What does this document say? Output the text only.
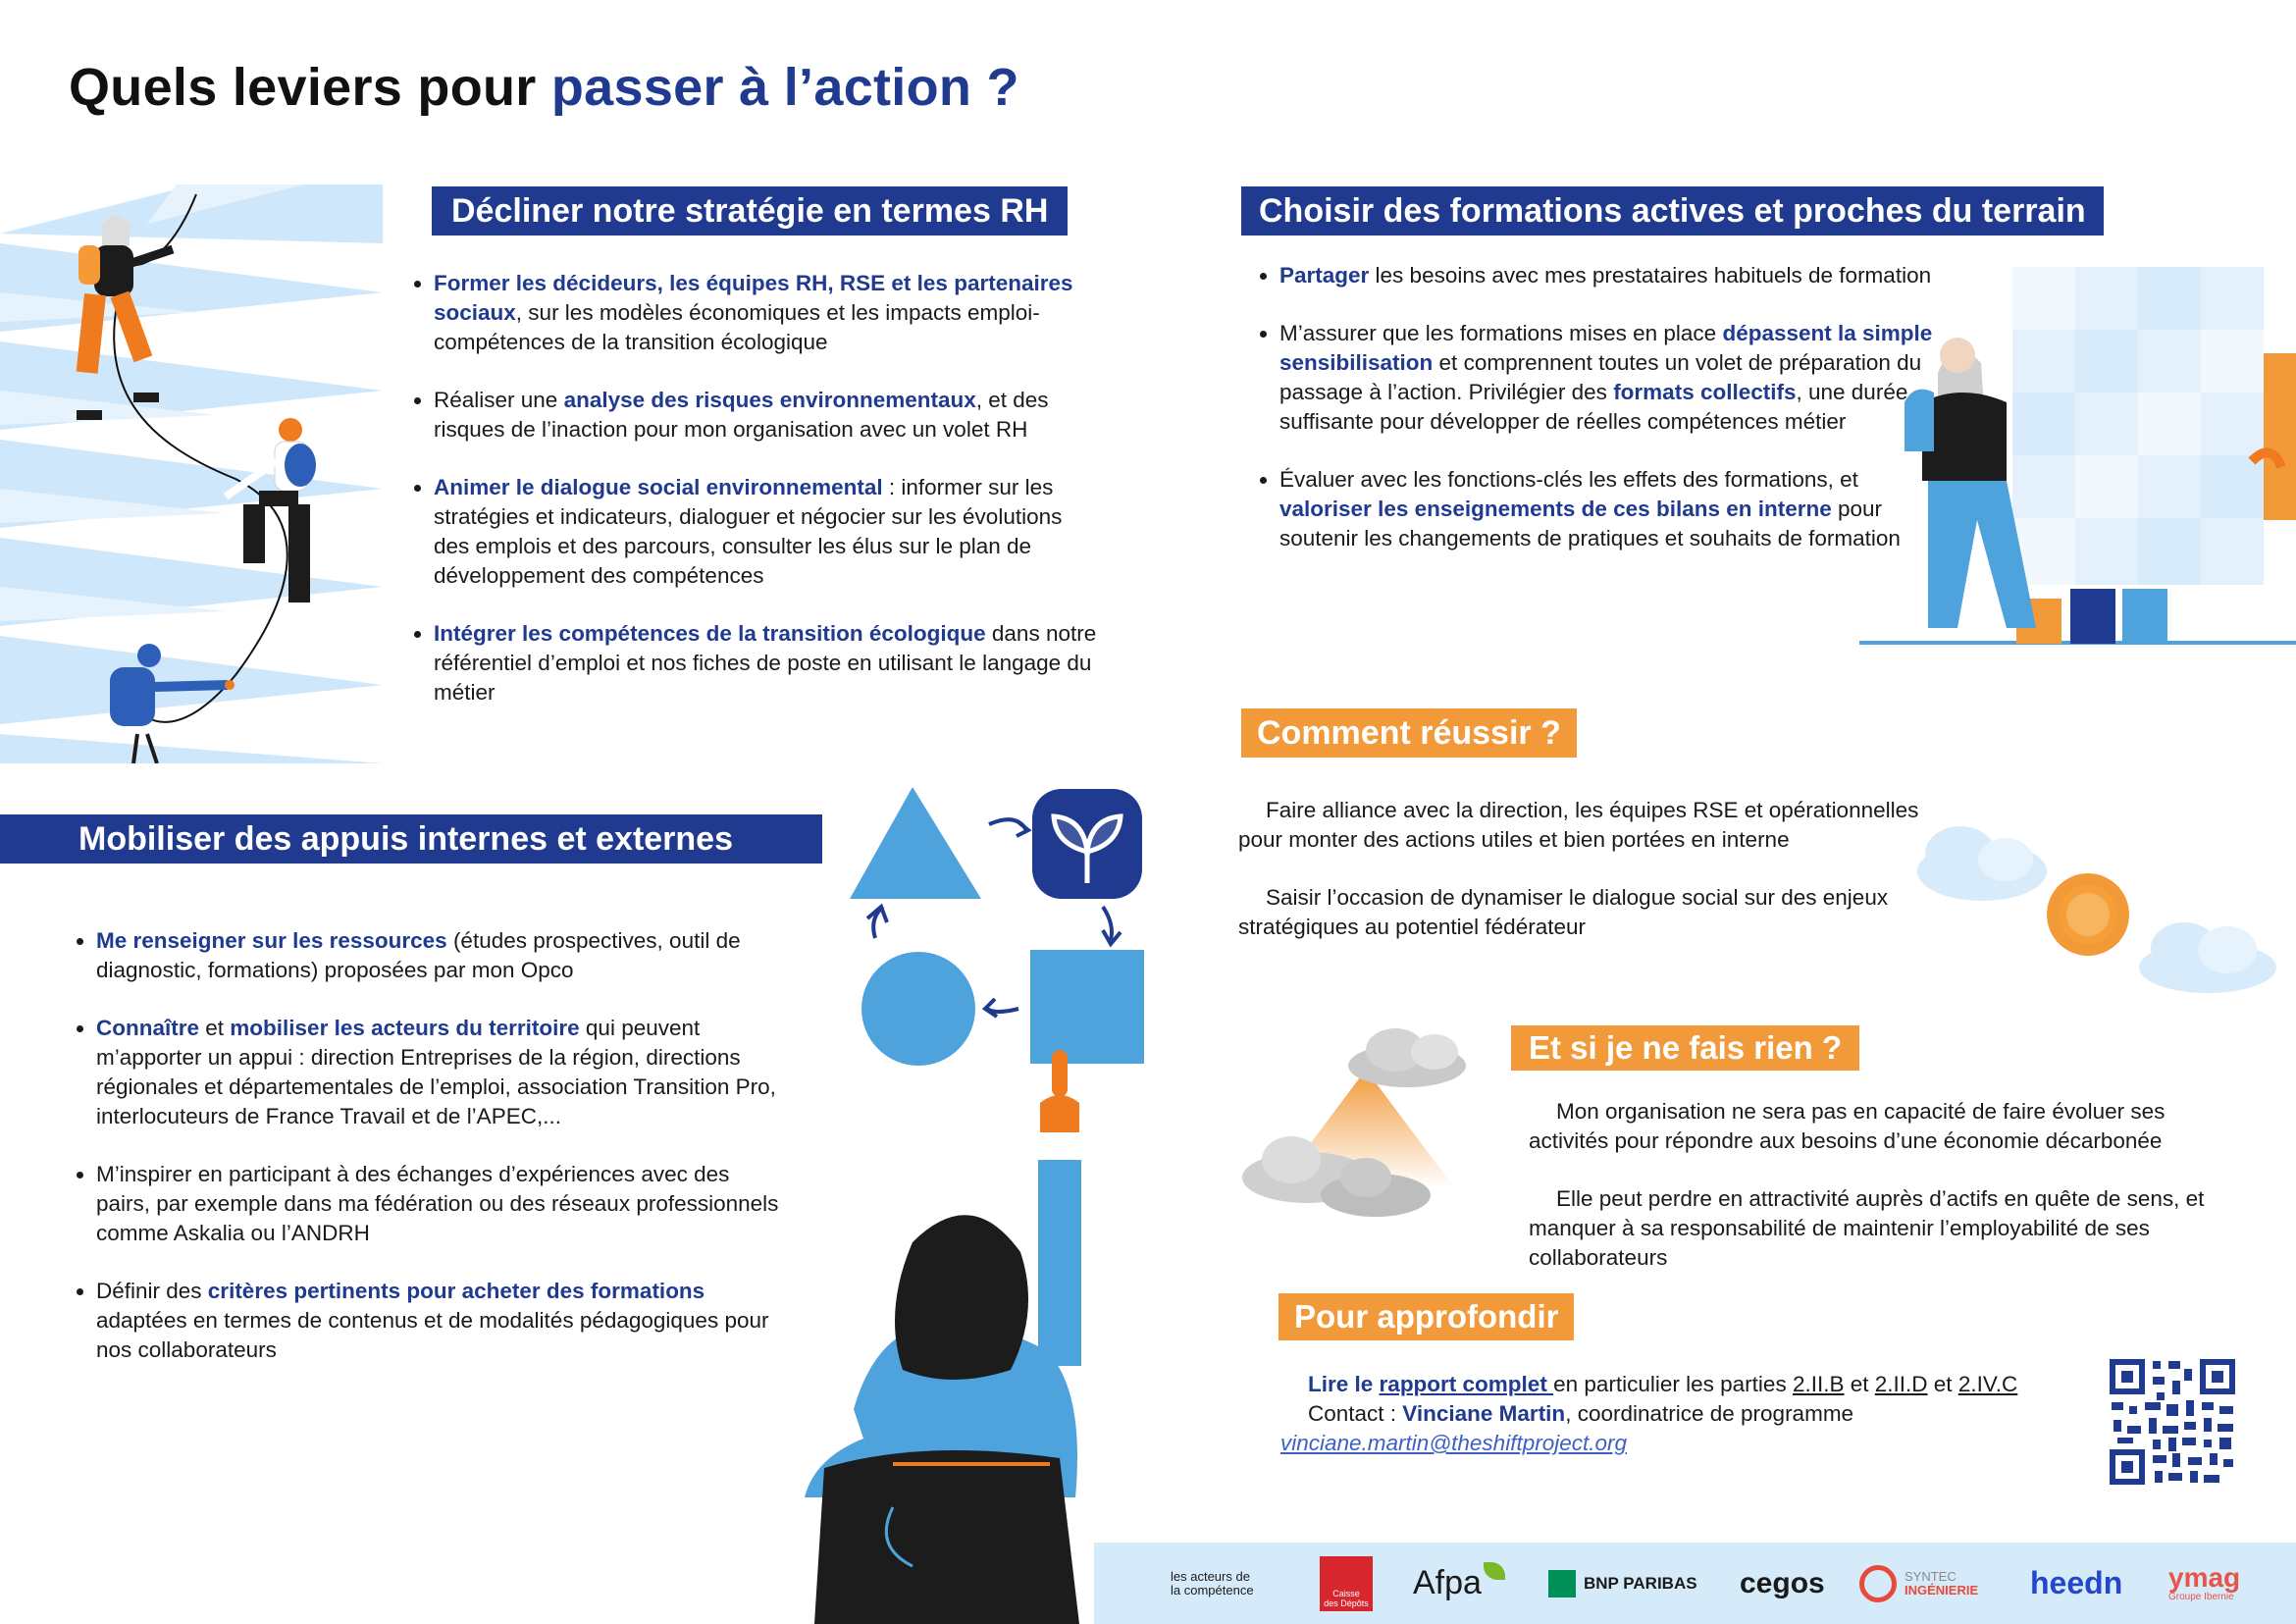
Quels leviers pour passer à l’action ?
Décliner notre stratégie en termes RH
• Former les décideurs, les équipes RH, RSE et les partenaires sociaux, sur les modèles économiques et les impacts emploi-compétences de la transition écologique
• Réaliser une analyse des risques environnementaux, et des risques de l’inaction pour mon organisation avec un volet RH
• Animer le dialogue social environnemental : informer sur les stratégies et indicateurs, dialoguer et négocier sur les évolutions des emplois et des parcours, consulter les élus sur le plan de développement des compétences
• Intégrer les compétences de la transition écologique dans notre référentiel d’emploi et nos fiches de poste en utilisant le langage du métier
Choisir des formations actives et proches du terrain
• Partager les besoins avec mes prestataires habituels de formation
• M’assurer que les formations mises en place dépassent la simple sensibilisation et comprennent toutes un volet de préparation du passage à l’action. Privilégier des formats collectifs, une durée suffisante pour développer de réelles compétences métier
• Évaluer avec les fonctions-clés les effets des formations, et valoriser les enseignements de ces bilans en interne pour soutenir les changements de pratiques et souhaits de formation
Comment réussir ?
Faire alliance avec la direction, les équipes RSE et opérationnelles pour monter des actions utiles et bien portées en interne
Saisir l’occasion de dynamiser le dialogue social sur des enjeux stratégiques au potentiel fédérateur
Mobiliser des appuis internes et externes
• Me renseigner sur les ressources (études prospectives, outil de diagnostic, formations) proposées par mon Opco
• Connaître et mobiliser les acteurs du territoire qui peuvent m’apporter un appui : direction Entreprises de la région, directions régionales et départementales de l’emploi, association Transition Pro, interlocuteurs de France Travail et de l’APEC,...
• M’inspirer en participant à des échanges d’expériences avec des pairs, par exemple dans ma fédération ou des réseaux professionnels comme Askalia ou l’ANDRH
• Définir des critères pertinents pour acheter des formations adaptées en termes de contenus et de modalités pédagogiques pour nos collaborateurs
Et si je ne fais rien ?
Mon organisation ne sera pas en capacité de faire évoluer ses activités pour répondre aux besoins d’une économie décarbonée
Elle peut perdre en attractivité auprès d’actifs en quête de sens, et manquer à sa responsabilité de maintenir l’employabilité de ses collaborateurs
Pour approfondir
Lire le rapport complet en particulier les parties 2.II.B et 2.II.D et 2.IV.C
Contact : Vinciane Martin, coordinatrice de programme
vinciane.martin@theshiftproject.org
les acteurs de
la compétence	Caisse
des Dépôts
Afpa	BNP PARIBAS cegos	SYNTEC
INGÉNIERIE heedn ymag
Groupe Ibernie
